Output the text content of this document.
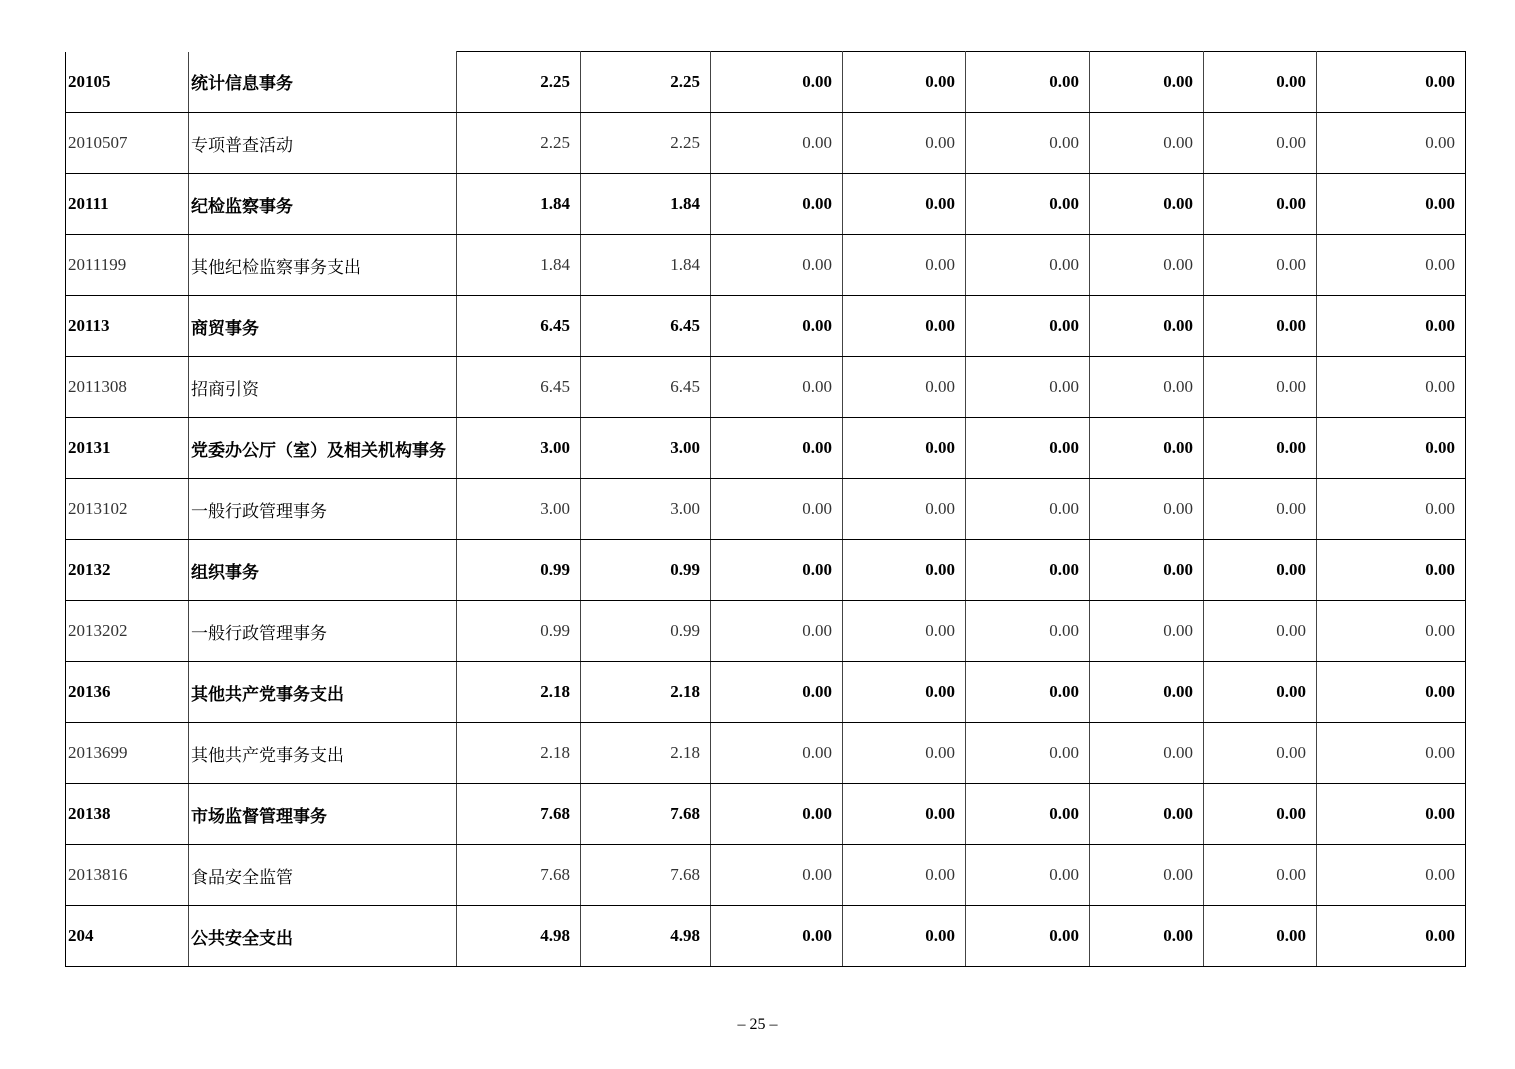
20105	统计信息事务	2.25	2.25	0.00	0.00	0.00	0.00	0.00	0.00
2010507	专项普查活动	2.25	2.25	0.00	0.00	0.00	0.00	0.00	0.00
20111	纪检监察事务	1.84	1.84	0.00	0.00	0.00	0.00	0.00	0.00
2011199	其他纪检监察事务支出	1.84	1.84	0.00	0.00	0.00	0.00	0.00	0.00
20113	商贸事务	6.45	6.45	0.00	0.00	0.00	0.00	0.00	0.00
2011308	招商引资	6.45	6.45	0.00	0.00	0.00	0.00	0.00	0.00
20131	党委办公厅（室）及相关机构事务	3.00	3.00	0.00	0.00	0.00	0.00	0.00	0.00
2013102	一般行政管理事务	3.00	3.00	0.00	0.00	0.00	0.00	0.00	0.00
20132	组织事务	0.99	0.99	0.00	0.00	0.00	0.00	0.00	0.00
2013202	一般行政管理事务	0.99	0.99	0.00	0.00	0.00	0.00	0.00	0.00
20136	其他共产党事务支出	2.18	2.18	0.00	0.00	0.00	0.00	0.00	0.00
2013699	其他共产党事务支出	2.18	2.18	0.00	0.00	0.00	0.00	0.00	0.00
20138	市场监督管理事务	7.68	7.68	0.00	0.00	0.00	0.00	0.00	0.00
2013816	食品安全监管	7.68	7.68	0.00	0.00	0.00	0.00	0.00	0.00
204	公共安全支出	4.98	4.98	0.00	0.00	0.00	0.00	0.00	0.00
– 25 –
